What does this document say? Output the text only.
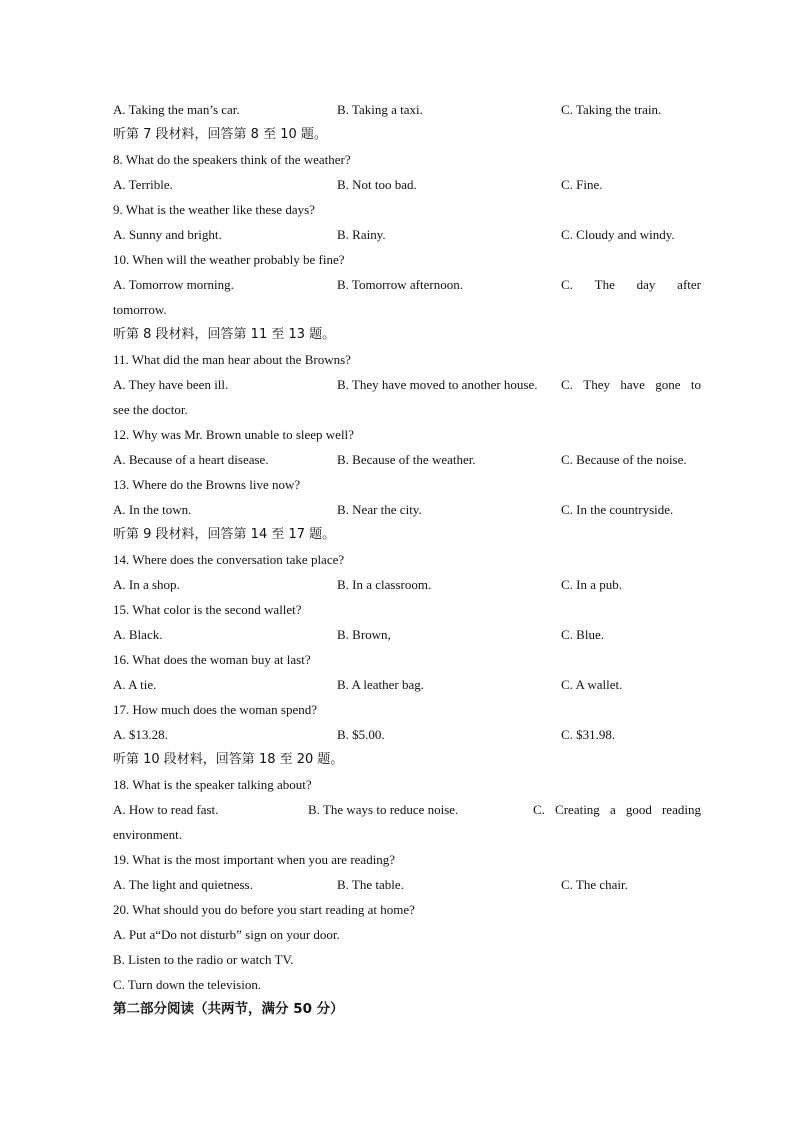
A. Taking the man’s car.	B. Taking a taxi.	C. Taking the train.
听第 7 段材料，回答第 8 至 10 题。
8. What do the speakers think of the weather?
A. Terrible.	B. Not too bad.	C. Fine.
9. What is the weather like these days?
A. Sunny and bright.	B. Rainy.	C. Cloudy and windy.
10. When will the weather probably be fine?
A. Tomorrow morning.	B. Tomorrow afternoon.	C. The day after
tomorrow.
听第 8 段材料，回答第 11 至 13 题。
11. What did the man hear about the Browns?
A. They have been ill.	B. They have moved to another house. C. They have gone to
see the doctor.
12. Why was Mr. Brown unable to sleep well?
A. Because of a heart disease.	B. Because of the weather.	C. Because of the noise.
13. Where do the Browns live now?
A. In the town.	B. Near the city.	C. In the countryside.
听第 9 段材料，回答第 14 至 17 题。
14. Where does the conversation take place?
A. In a shop.	B. In a classroom.	C. In a pub.
15. What color is the second wallet?
A. Black.	B. Brown,	C. Blue.
16. What does the woman buy at last?
A. A tie.	B. A leather bag.	C. A wallet.
17. How much does the woman spend?
A. $13.28.	B. $5.00.	C. $31.98.
听第 10 段材料，回答第 18 至 20 题。
18. What is the speaker talking about?
A. How to read fast.	B. The ways to reduce noise.	C. Creating a good reading
environment.
19. What is the most important when you are reading?
A. The light and quietness.	B. The table.	C. The chair.
20. What should you do before you start reading at home?
A. Put a“Do not disturb” sign on your door.
B. Listen to the radio or watch TV.
C. Turn down the television.
第二部分阅读（共两节，满分 50 分）
